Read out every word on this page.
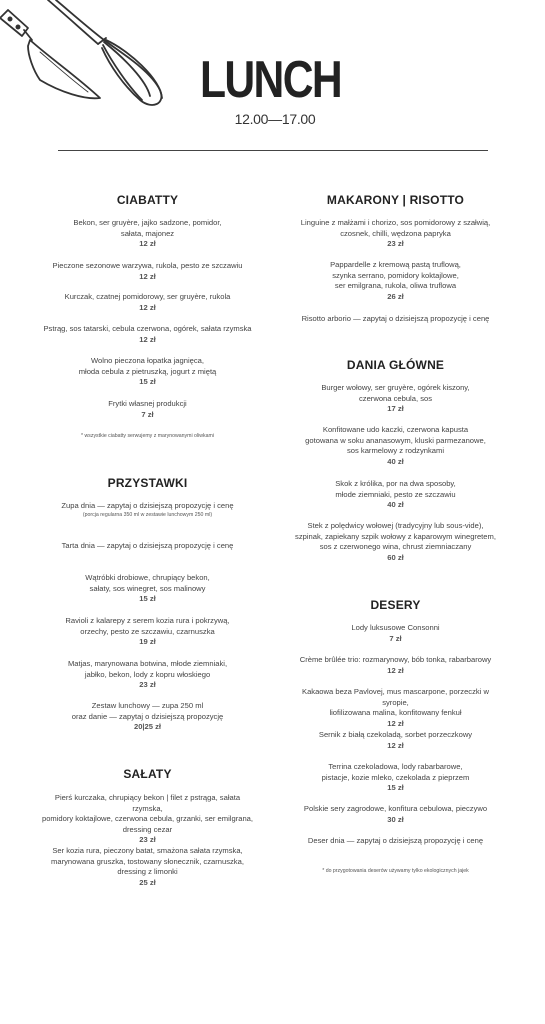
LUNCH
12.00—17.00
CIABATTY
Bekon, ser gruyère, jajko sadzone, pomidor,
sałata, majonez
12 zł
Pieczone sezonowe warzywa, rukola, pesto ze szczawiu
12 zł
Kurczak, czatnej pomidorowy, ser gruyère, rukola
12 zł
Pstrąg, sos tatarski, cebula czerwona, ogórek, sałata rzymska
12 zł
Wolno pieczona łopatka jagnięca,
młoda cebula z pietruszką, jogurt z miętą
15 zł
Frytki własnej produkcji
7 zł
* wszystkie ciabatty serwujemy z marynowanymi oliwkami
PRZYSTAWKI
Zupa dnia — zapytaj o dzisiejszą propozycję i cenę
(porcja regularna 350 ml w zestawie lunchowym 250 ml)
Tarta dnia — zapytaj o dzisiejszą propozycję i cenę
Wątróbki drobiowe, chrupiący bekon,
sałaty, sos winegret, sos malinowy
15 zł
Ravioli z kalarepy z serem kozia rura i pokrzywą,
orzechy, pesto ze szczawiu, czarnuszka
19 zł
Matjas, marynowana botwina, młode ziemniaki,
jabłko, bekon, lody z kopru włoskiego
23 zł
Zestaw lunchowy — zupa 250 ml
oraz danie — zapytaj o dzisiejszą propozycję
20|25 zł
SAŁATY
Pierś kurczaka, chrupiący bekon | filet z pstrąga, sałata rzymska,
pomidory koktajlowe, czerwona cebula, grzanki, ser emilgrana,
dressing cezar
23 zł
Ser kozia rura, pieczony batat, smażona sałata rzymska,
marynowana gruszka, tostowany słonecznik, czarnuszka,
dressing z limonki
25 zł
MAKARONY | RISOTTO
Linguine z małżami i chorizo, sos pomidorowy z szałwią,
czosnek, chilli, wędzona papryka
23 zł
Pappardelle z kremową pastą truflową,
szynka serrano, pomidory koktajlowe,
ser emilgrana, rukola, oliwa truflowa
26 zł
Risotto arborio — zapytaj o dzisiejszą propozycję i cenę
DANIA GŁÓWNE
Burger wołowy, ser gruyère, ogórek kiszony,
czerwona cebula, sos
17 zł
Konfitowane udo kaczki, czerwona kapusta
gotowana w soku ananasowym, kluski parmezanowe,
sos karmelowy z rodzynkami
40 zł
Skok z królika, por na dwa sposoby,
młode ziemniaki, pesto ze szczawiu
40 zł
Stek z polędwicy wołowej (tradycyjny lub sous-vide),
szpinak, zapiekany szpik wołowy z kaparowym winegretem,
sos z czerwonego wina, chrust ziemniaczany
60 zł
DESERY
Lody luksusowe Consonni
7 zł
Crème brûlée trio: rozmarynowy, bób tonka, rabarbarowy
12 zł
Kakaowa beza Pavlovej, mus mascarpone, porzeczki w syropie,
liofilizowana malina, konfitowany fenkuł
12 zł
Sernik z białą czekoladą, sorbet porzeczkowy
12 zł
Terrina czekoladowa, lody rabarbarowe,
pistacje, kozie mleko, czekolada z pieprzem
15 zł
Polskie sery zagrodowe, konfitura cebulowa, pieczywo
30 zł
Deser dnia — zapytaj o dzisiejszą propozycję i cenę
* do przygotowania deserów używamy tylko ekologicznych jajek
